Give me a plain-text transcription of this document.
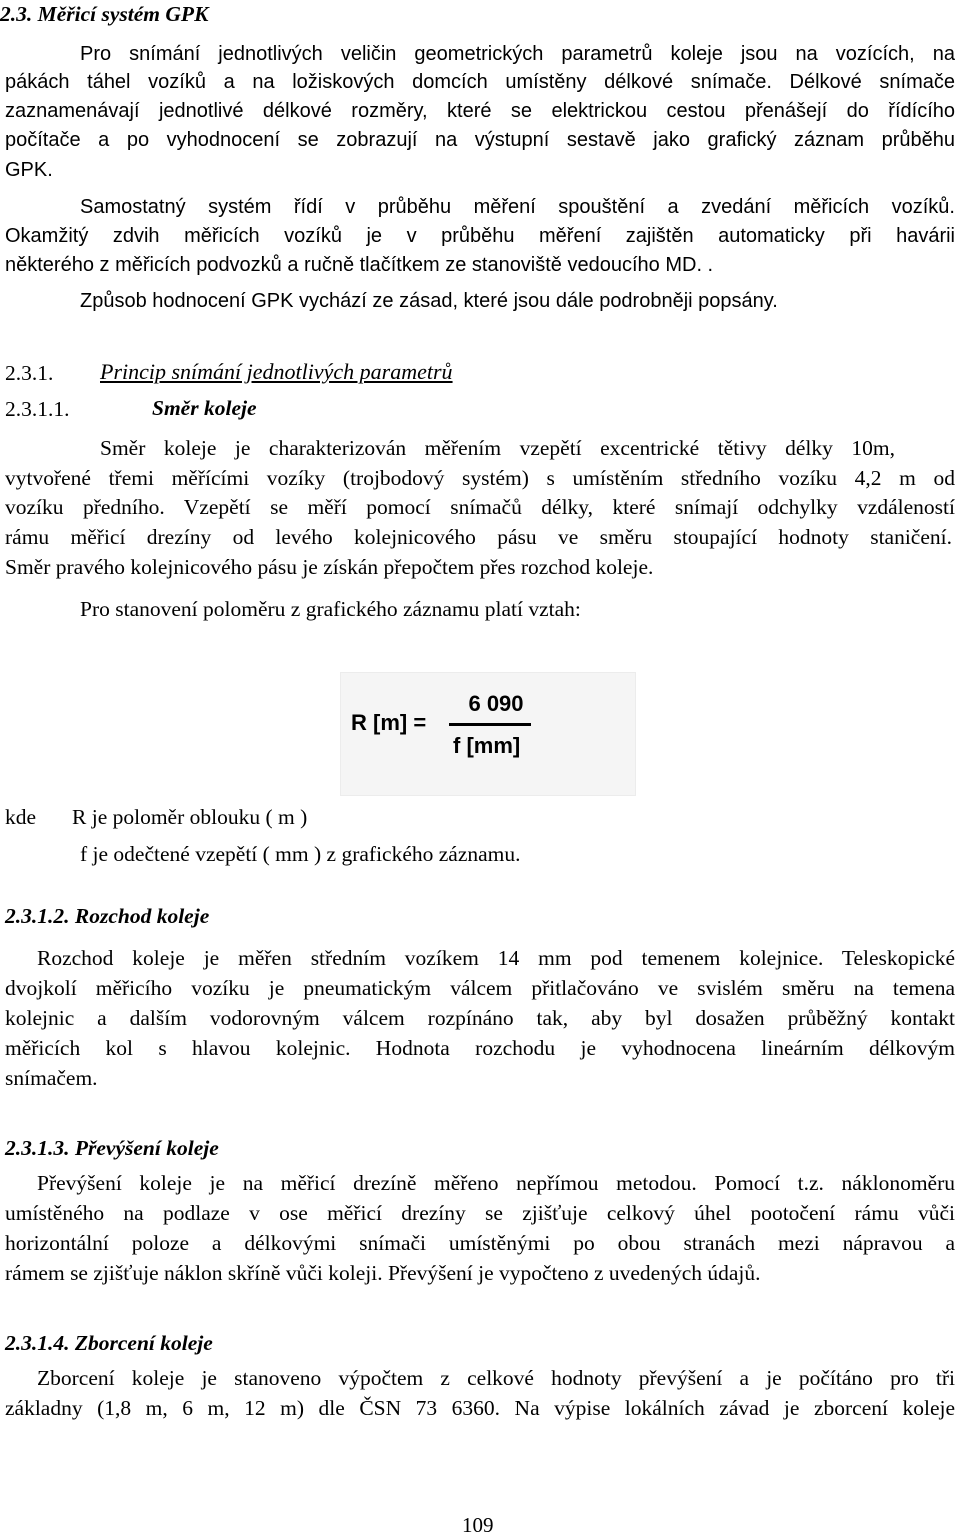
2.3. Měřicí systém GPK
Pro snímání jednotlivých veličin geometrických parametrů koleje jsou na vozících, na
pákách táhel vozíků a na ložiskových domcích umístěny délkové snímače. Délkové snímače
zaznamenávají jednotlivé délkové rozměry, které se elektrickou cestou přenášejí do řídícího
počítače a po vyhodnocení se zobrazují na výstupní sestavě jako grafický záznam průběhu
GPK.
Samostatný systém řídí v průběhu měření spouštění a zvedání měřicích vozíků.
Okamžitý zdvih měřicích vozíků je v průběhu měření zajištěn automaticky při havárii
některého z měřicích podvozků a ručně tlačítkem ze stanoviště vedoucího MD. .
Způsob hodnocení GPK vychází ze zásad, které jsou dále podrobněji popsány.
2.3.1. Princip snímání jednotlivých parametrů
2.3.1.1.	Směr koleje
Směr koleje je charakterizován měřením vzepětí excentrické tětivy délky 10m,
vytvořené třemi měřícími vozíky (trojbodový systém) s umístěním středního vozíku 4,2 m od
vozíku předního. Vzepětí se měří pomocí snímačů délky, které snímají odchylky vzdáleností
rámu měřicí drezíny od levého kolejnicového pásu ve směru stoupající hodnoty staničení.
Směr pravého kolejnicového pásu je získán přepočtem přes rozchod koleje.
Pro stanovení poloměru z grafického záznamu platí vztah:
R [m] =
6 090
f [mm]
kde R je poloměr oblouku ( m )
f je odečtené vzepětí ( mm ) z grafického záznamu.
2.3.1.2. Rozchod koleje
Rozchod koleje je měřen středním vozíkem 14 mm pod temenem kolejnice. Teleskopické
dvojkolí měřicího vozíku je pneumatickým válcem přitlačováno ve svislém směru na temena
kolejnic a dalším vodorovným válcem rozpínáno tak, aby byl dosažen průběžný kontakt
měřicích kol s hlavou kolejnic. Hodnota rozchodu je vyhodnocena lineárním délkovým
snímačem.
2.3.1.3. Převýšení koleje
Převýšení koleje je na měřicí drezíně měřeno nepřímou metodou. Pomocí t.z. náklonoměru
umístěného na podlaze v ose měřicí drezíny se zjišťuje celkový úhel pootočení rámu vůči
horizontální poloze a délkovými snímači umístěnými po obou stranách mezi nápravou a
rámem se zjišťuje náklon skříně vůči koleji. Převýšení je vypočteno z uvedených údajů.
2.3.1.4. Zborcení koleje
Zborcení koleje je stanoveno výpočtem z celkové hodnoty převýšení a je počítáno pro tři
základny (1,8 m, 6 m, 12 m) dle ČSN 73 6360. Na výpise lokálních závad je zborcení koleje
109
